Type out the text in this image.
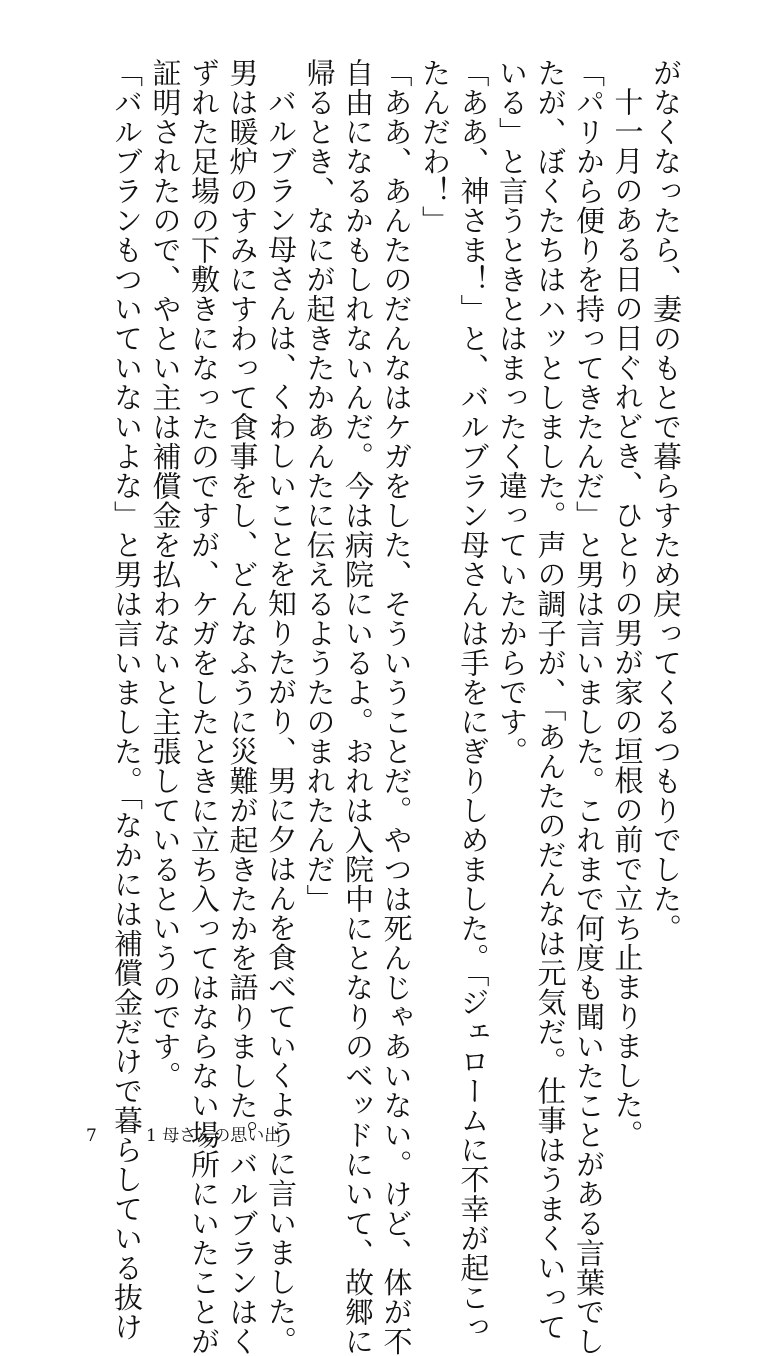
がなくなったら、妻のもとで暮らすため戻ってくるつもりでした。

十一月のある日の日ぐれどき、ひとりの男が家の垣根の前で立ち止まりました。

「パリから便りを持ってきたんだ」と男は言いました。これまで何度も聞いたことがある言葉でし

たが、ぼくたちはハッとしました。声の調子が、「あんたのだんなは元気だ。仕事はうまくいって

いる」と言うときとはまったく違っていたからです。

「ああ、神さま！」と、バルブラン母さんは手をにぎりしめました。「ジェロームに不幸が起こっ

たんだわ！」

「ああ、あんたのだんなはケガをした、そういうことだ。やつは死んじゃあいない。けど、体が不

自由になるかもしれないんだ。今は病院にいるよ。おれは入院中にとなりのベッドにいて、故郷に

帰るとき、なにが起きたかあんたに伝えるようたのまれたんだ」

バルブラン母さんは、くわしいことを知りたがり、男に夕はんを食べていくように言いました。

男は暖炉のすみにすわって食事をし、どんなふうに災難が起きたかを語りました。バルブランはく

ずれた足場の下敷きになったのですが、ケガをしたときに立ち入ってはならない場所にいたことが

証明されたので、やとい主は補償金を払わないと主張しているというのです。

「バルブランもついていないよな」と男は言いました。「なかには補償金だけで暮らしている抜け

7	1 母さんの思い出
